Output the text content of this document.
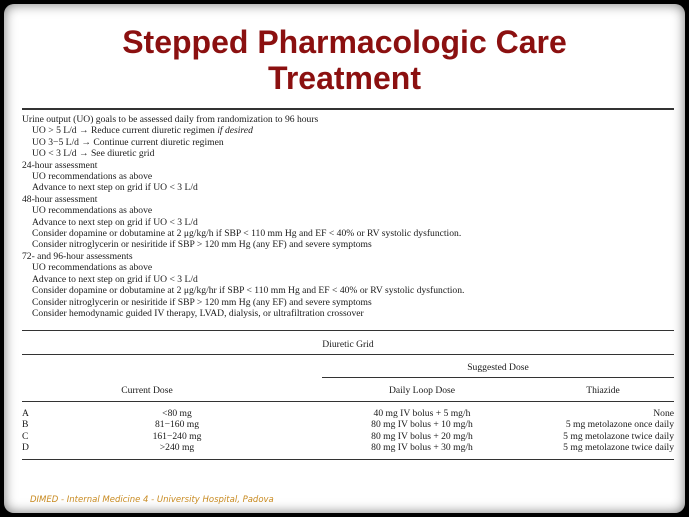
Stepped Pharmacologic Care
Treatment
Urine output (UO) goals to be assessed daily from randomization to 96 hours
UO > 5 L/d → Reduce current diuretic regimen if desired
UO 3−5 L/d → Continue current diuretic regimen
UO < 3 L/d → See diuretic grid
24-hour assessment
UO recommendations as above
Advance to next step on grid if UO < 3 L/d
48-hour assessment
UO recommendations as above
Advance to next step on grid if UO < 3 L/d
Consider dopamine or dobutamine at 2 μg/kg/h if SBP < 110 mm Hg and EF < 40% or RV systolic dysfunction.
Consider nitroglycerin or nesiritide if SBP > 120 mm Hg (any EF) and severe symptoms
72- and 96-hour assessments
UO recommendations as above
Advance to next step on grid if UO < 3 L/d
Consider dopamine or dobutamine at 2 μg/kg/hr if SBP < 110 mm Hg and EF < 40% or RV systolic dysfunction.
Consider nitroglycerin or nesiritide if SBP > 120 mm Hg (any EF) and severe symptoms
Consider hemodynamic guided IV therapy, LVAD, dialysis, or ultrafiltration crossover
Diuretic Grid
Suggested Dose
Current Dose	Daily Loop Dose	Thiazide
A	<80 mg	40 mg IV bolus + 5 mg/h	None
B	81−160 mg	80 mg IV bolus + 10 mg/h	5 mg metolazone once daily
C	161−240 mg	80 mg IV bolus + 20 mg/h	5 mg metolazone twice daily
D	>240 mg	80 mg IV bolus + 30 mg/h	5 mg metolazone twice daily
DIMED - Internal Medicine 4 - University Hospital, Padova
